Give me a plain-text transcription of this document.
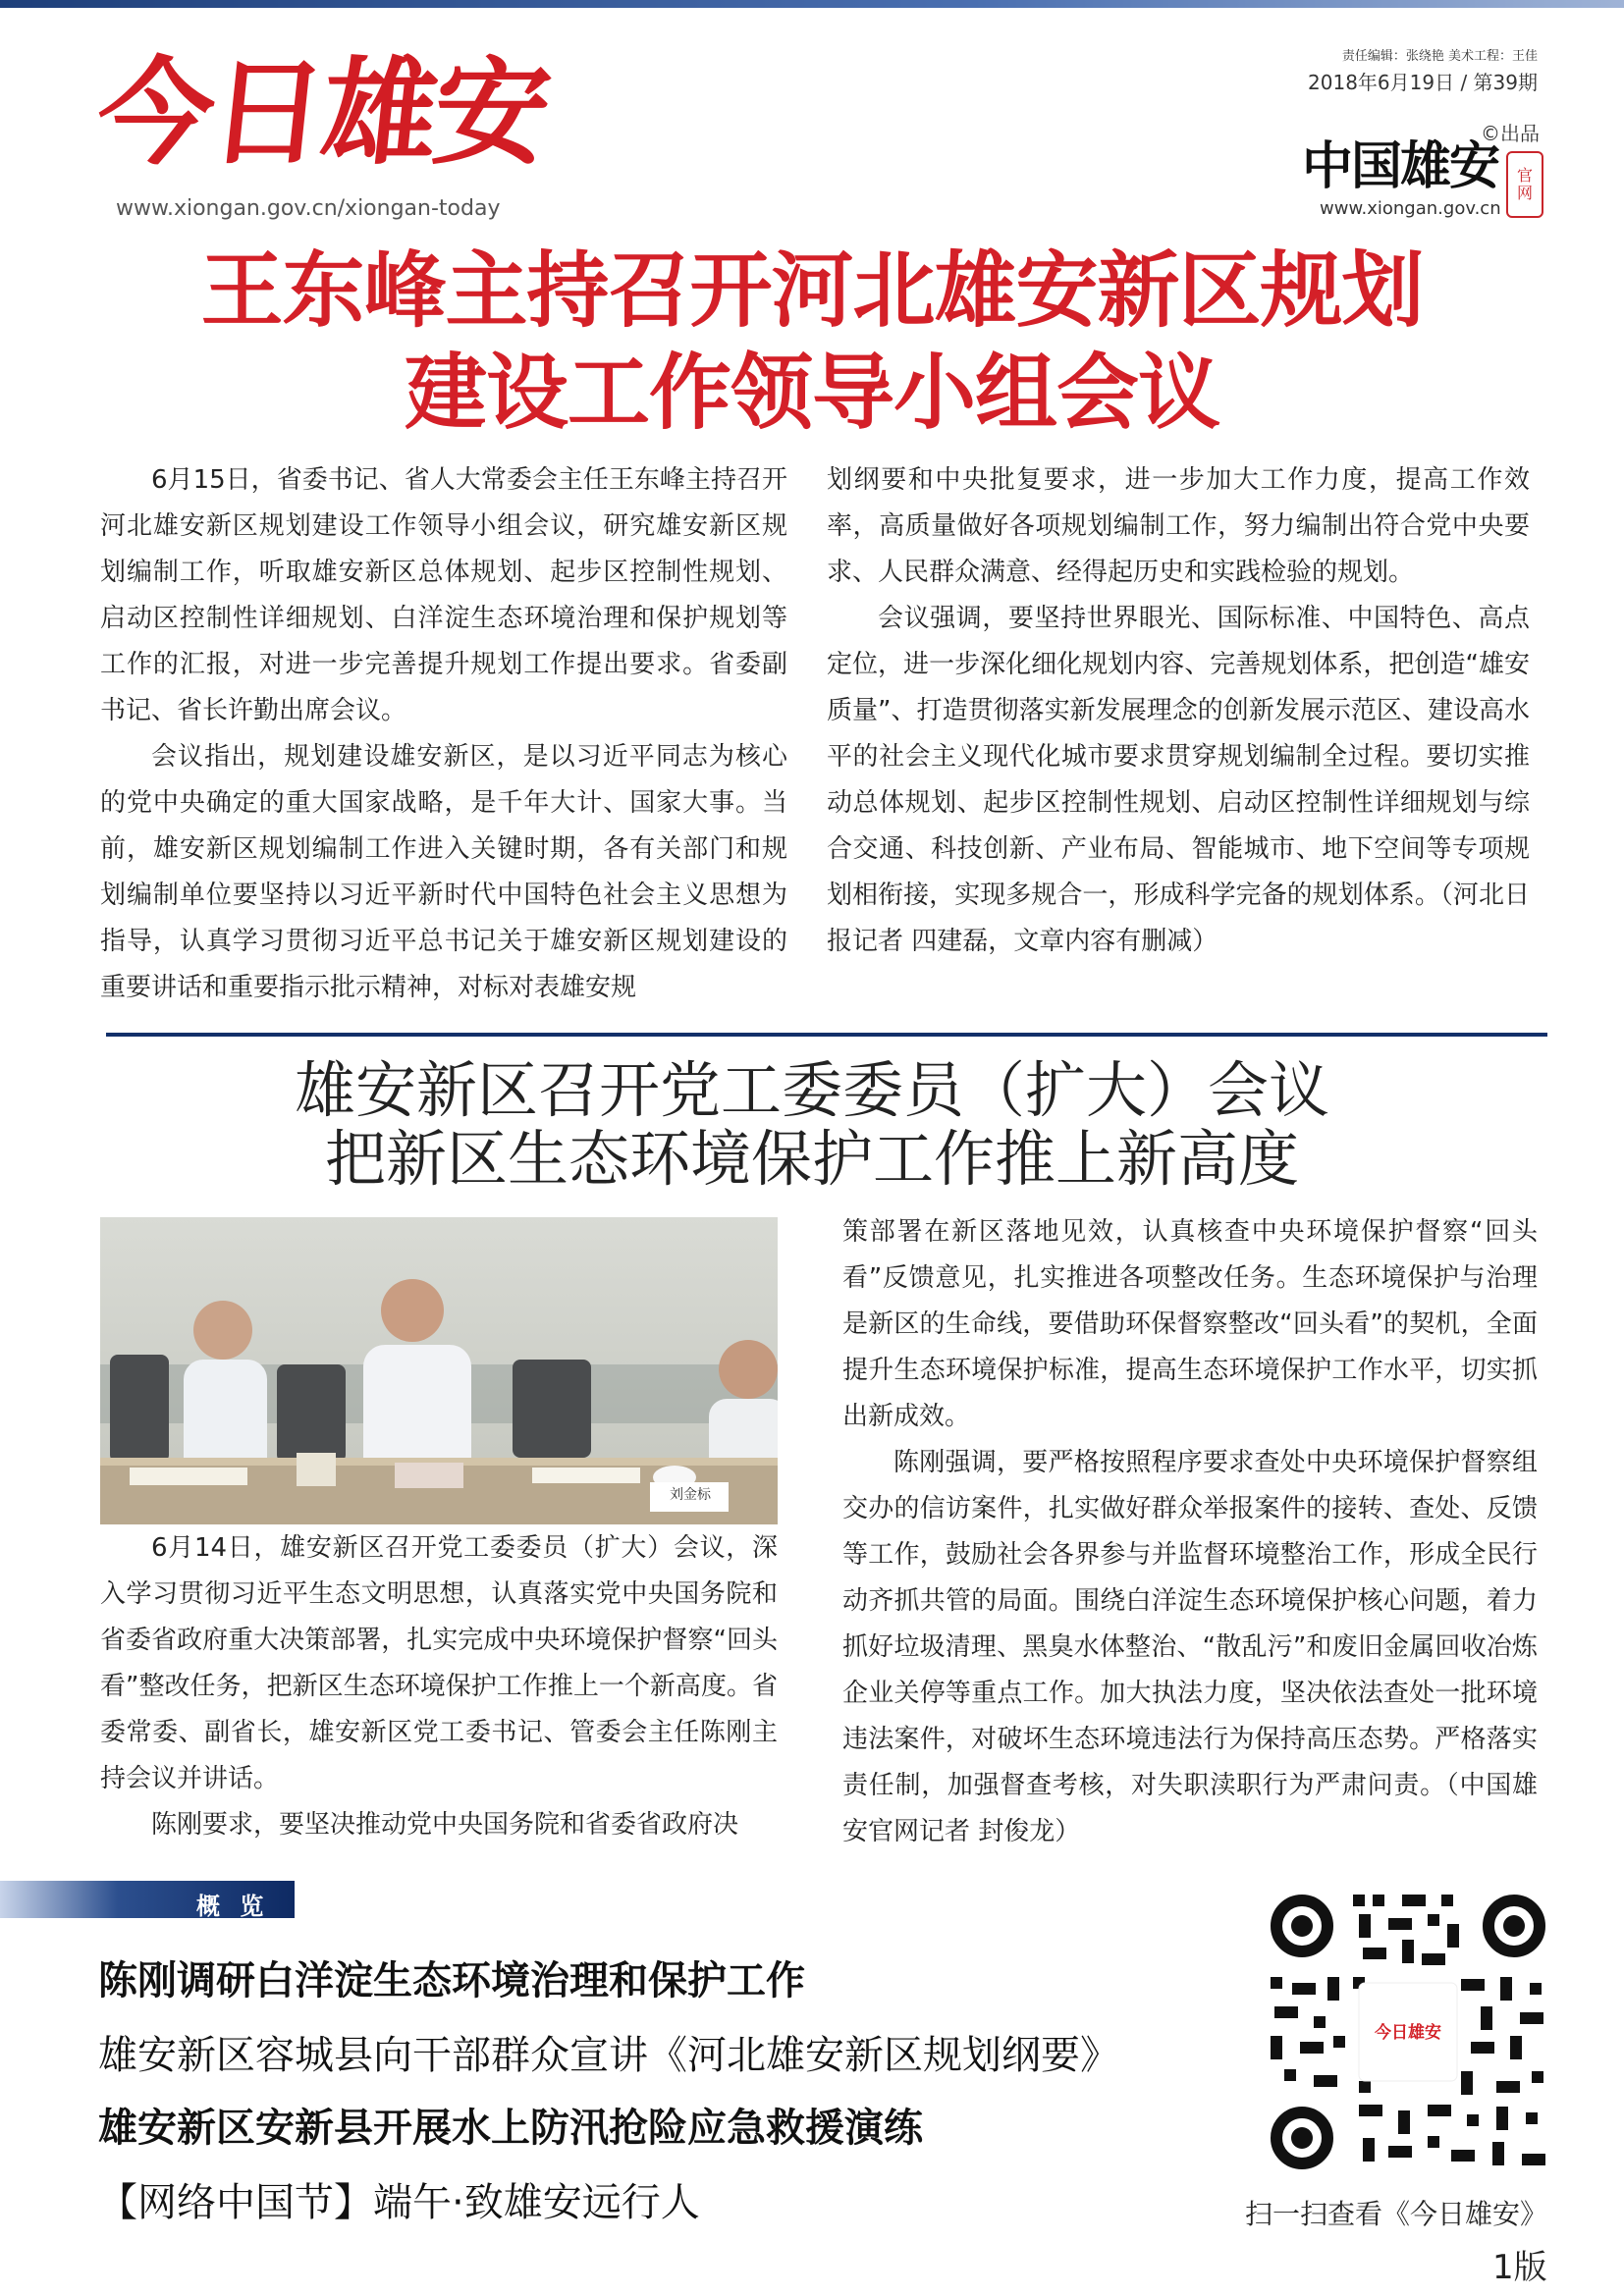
今日雄安
www.xiongan.gov.cn/xiongan-today
责任编辑：张绕艳 美术工程：王佳
2018年6月19日 / 第39期
©出品
中国雄安 官
网
www.xiongan.gov.cn
王东峰主持召开河北雄安新区规划
建设工作领导小组会议

6月15日，省委书记、省人大常委会主任王东峰主持召开河北雄安新区规划建设工作领导小组会议，研究雄安新区规划编制工作，听取雄安新区总体规划、起步区控制性规划、启动区控制性详细规划、白洋淀生态环境治理和保护规划等工作的汇报，对进一步完善提升规划工作提出要求。省委副书记、省长许勤出席会议。

会议指出，规划建设雄安新区，是以习近平同志为核心的党中央确定的重大国家战略，是千年大计、国家大事。当前，雄安新区规划编制工作进入关键时期，各有关部门和规划编制单位要坚持以习近平新时代中国特色社会主义思想为指导，认真学习贯彻习近平总书记关于雄安新区规划建设的重要讲话和重要指示批示精神，对标对表雄安规

划纲要和中央批复要求，进一步加大工作力度，提高工作效率，高质量做好各项规划编制工作，努力编制出符合党中央要求、人民群众满意、经得起历史和实践检验的规划。

会议强调，要坚持世界眼光、国际标准、中国特色、高点定位，进一步深化细化规划内容、完善规划体系，把创造“雄安质量”、打造贯彻落实新发展理念的创新发展示范区、建设高水平的社会主义现代化城市要求贯穿规划编制全过程。要切实推动总体规划、起步区控制性规划、启动区控制性详细规划与综合交通、科技创新、产业布局、智能城市、地下空间等专项规划相衔接，实现多规合一，形成科学完备的规划体系。（河北日报记者 四建磊，文章内容有删减）

雄安新区召开党工委委员（扩大）会议
把新区生态环境保护工作推上新高度
刘金标

6月14日，雄安新区召开党工委委员（扩大）会议，深入学习贯彻习近平生态文明思想，认真落实党中央国务院和省委省政府重大决策部署，扎实完成中央环境保护督察“回头看”整改任务，把新区生态环境保护工作推上一个新高度。省委常委、副省长，雄安新区党工委书记、管委会主任陈刚主持会议并讲话。

陈刚要求，要坚决推动党中央国务院和省委省政府决

策部署在新区落地见效，认真核查中央环境保护督察“回头看”反馈意见，扎实推进各项整改任务。生态环境保护与治理是新区的生命线，要借助环保督察整改“回头看”的契机，全面提升生态环境保护标准，提高生态环境保护工作水平，切实抓出新成效。

陈刚强调，要严格按照程序要求查处中央环境保护督察组交办的信访案件，扎实做好群众举报案件的接转、查处、反馈等工作，鼓励社会各界参与并监督环境整治工作，形成全民行动齐抓共管的局面。围绕白洋淀生态环境保护核心问题，着力抓好垃圾清理、黑臭水体整治、“散乱污”和废旧金属回收冶炼企业关停等重点工作。加大执法力度，坚决依法查处一批环境违法案件，对破坏生态环境违法行为保持高压态势。严格落实责任制，加强督查考核，对失职渎职行为严肃问责。（中国雄安官网记者 封俊龙）

概 览
陈刚调研白洋淀生态环境治理和保护工作
雄安新区容城县向干部群众宣讲《河北雄安新区规划纲要》
雄安新区安新县开展水上防汛抢险应急救援演练
【网络中国节】端午·致雄安远行人
今日雄安
扫一扫查看《今日雄安》
1版
